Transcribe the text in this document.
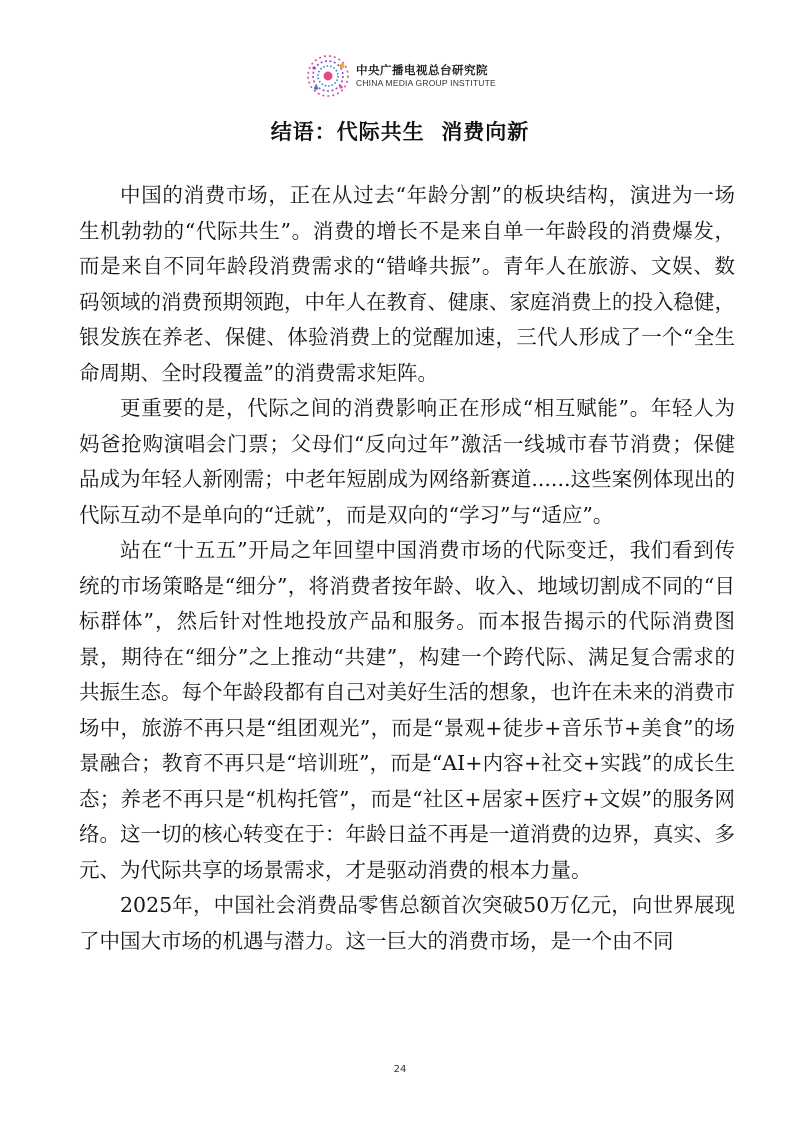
中央广播电视总台研究院
CHINA MEDIA GROUP INSTITUTE
结语：代际共生  消费向新

中国的消费市场，正在从过去“年龄分割”的板块结构，演进为一场生机勃勃的“代际共生”。消费的增长不是来自单一年龄段的消费爆发，而是来自不同年龄段消费需求的“错峰共振”。青年人在旅游、文娱、数码领域的消费预期领跑，中年人在教育、健康、家庭消费上的投入稳健，银发族在养老、保健、体验消费上的觉醒加速，三代人形成了一个“全生命周期、全时段覆盖”的消费需求矩阵。

更重要的是，代际之间的消费影响正在形成“相互赋能”。年轻人为妈爸抢购演唱会门票；父母们“反向过年”激活一线城市春节消费；保健品成为年轻人新刚需；中老年短剧成为网络新赛道......这些案例体现出的代际互动不是单向的“迁就”，而是双向的“学习”与“适应”。

站在“十五五”开局之年回望中国消费市场的代际变迁，我们看到传统的市场策略是“细分”，将消费者按年龄、收入、地域切割成不同的“目标群体”，然后针对性地投放产品和服务。而本报告揭示的代际消费图景，期待在“细分”之上推动“共建”，构建一个跨代际、满足复合需求的共振生态。每个年龄段都有自己对美好生活的想象，也许在未来的消费市场中，旅游不再只是“组团观光”，而是“景观+徒步+音乐节+美食”的场景融合；教育不再只是“培训班”，而是“AI+内容+社交+实践”的成长生态；养老不再只是“机构托管”，而是“社区+居家+医疗+文娱”的服务网络。这一切的核心转变在于：年龄日益不再是一道消费的边界，真实、多元、为代际共享的场景需求，才是驱动消费的根本力量。

2025年，中国社会消费品零售总额首次突破50万亿元，向世界展现了中国大市场的机遇与潜力。这一巨大的消费市场，是一个由不同

24
